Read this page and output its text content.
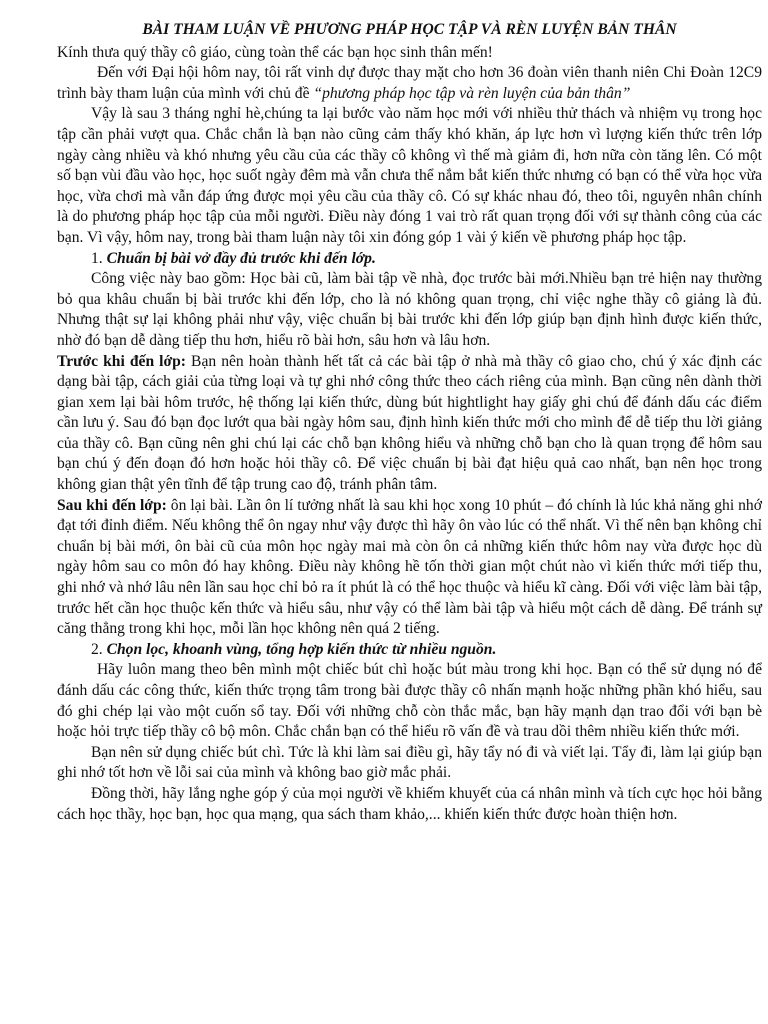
BÀI THAM LUẬN VỀ PHƯƠNG PHÁP HỌC TẬP VÀ RÈN LUYỆN BẢN THÂN

Kính thưa quý thầy cô giáo, cùng toàn thể các bạn học sinh thân mến!

Đến với Đại hội hôm nay, tôi rất vinh dự được thay mặt cho hơn 36 đoàn viên thanh niên Chi Đoàn 12C9 trình bày tham luận của mình với chủ đề “phương pháp học tập và rèn luyện của bản thân”

Vậy là sau 3 tháng nghỉ hè,chúng ta lại bước vào năm học mới với nhiều thử thách và nhiệm vụ trong học tập cần phải vượt qua. Chắc chắn là bạn nào cũng cảm thấy khó khăn, áp lực hơn vì lượng kiến thức trên lớp ngày càng nhiều và khó nhưng yêu cầu của các thầy cô không vì thế mà giảm đi, hơn nữa còn tăng lên. Có một số bạn vùi đầu vào học, học suốt ngày đêm mà vẫn chưa thể nắm bắt kiến thức nhưng có bạn có thể vừa học vừa học, vừa chơi mà vẫn đáp ứng được mọi yêu cầu của thầy cô. Có sự khác nhau đó, theo tôi, nguyên nhân chính là do phương pháp học tập của mỗi người. Điều này đóng 1 vai trò rất quan trọng đối với sự thành công của các bạn. Vì vậy, hôm nay, trong bài tham luận này tôi xin đóng góp 1 vài ý kiến về phương pháp học tập.

1. Chuẩn bị bài vở đầy đủ trước khi đến lớp.

Công việc này bao gồm: Học bài cũ, làm bài tập về nhà, đọc trước bài mới.Nhiều bạn trẻ hiện nay thường bỏ qua khâu chuẩn bị bài trước khi đến lớp, cho là nó không quan trọng, chỉ việc nghe thầy cô giảng là đủ. Nhưng thật sự lại không phải như vậy, việc chuẩn bị bài trước khi đến lớp giúp bạn định hình được kiến thức, nhờ đó bạn dễ dàng tiếp thu hơn, hiểu rõ bài hơn, sâu hơn và lâu hơn.

Trước khi đến lớp: Bạn nên hoàn thành hết tất cả các bài tập ở nhà mà thầy cô giao cho, chú ý xác định các dạng bài tập, cách giải của từng loại và tự ghi nhớ công thức theo cách riêng của mình. Bạn cũng nên dành thời gian xem lại bài hôm trước, hệ thống lại kiến thức, dùng bút hightlight hay giấy ghi chú để đánh dấu các điểm cần lưu ý. Sau đó bạn đọc lướt qua bài ngày hôm sau, định hình kiến thức mới cho mình để dễ tiếp thu lời giảng của thầy cô. Bạn cũng nên ghi chú lại các chỗ bạn không hiểu và những chỗ bạn cho là quan trọng để hôm sau bạn chú ý đến đoạn đó hơn hoặc hỏi thầy cô. Để việc chuẩn bị bài đạt hiệu quả cao nhất, bạn nên học trong không gian thật yên tĩnh để tập trung cao độ, tránh phân tâm.

Sau khi đến lớp: ôn lại bài. Lần ôn lí tưởng nhất là sau khi học xong 10 phút – đó chính là lúc khả năng ghi nhớ đạt tới đỉnh điểm. Nếu không thể ôn ngay như vậy được thì hãy ôn vào lúc có thể nhất. Vì thế nên bạn không chỉ chuẩn bị bài mới, ôn bài cũ của môn học ngày mai mà còn ôn cả những kiến thức hôm nay vừa được học dù ngày hôm sau co môn đó hay không. Điều này không hề tốn thời gian một chút nào vì kiến thức mới tiếp thu, ghi nhớ và nhớ lâu nên lần sau học chỉ bỏ ra ít phút là có thể học thuộc và hiểu kĩ càng. Đối với việc làm bài tập, trước hết cần học thuộc kến thức và hiểu sâu, như vậy có thể làm bài tập và hiểu một cách dễ dàng. Để tránh sự căng thẳng trong khi học, mỗi lần học không nên quá 2 tiếng.

2. Chọn lọc, khoanh vùng, tổng hợp kiến thức từ nhiều nguồn.

Hãy luôn mang theo bên mình một chiếc bút chì hoặc bút màu trong khi học. Bạn có thể sử dụng nó để đánh dấu các công thức, kiến thức trọng tâm trong bài được thầy cô nhấn mạnh hoặc những phần khó hiểu, sau đó ghi chép lại vào một cuốn sổ tay. Đối với những chỗ còn thắc mắc, bạn hãy mạnh dạn trao đổi với bạn bè hoặc hỏi trực tiếp thầy cô bộ môn. Chắc chắn bạn có thể hiểu rõ vấn đề và trau dồi thêm nhiều kiến thức mới.

Bạn nên sử dụng chiếc bút chì. Tức là khi làm sai điều gì, hãy tẩy nó đi và viết lại. Tẩy đi, làm lại giúp bạn ghi nhớ tốt hơn về lỗi sai của mình và không bao giờ mắc phải.

Đồng thời, hãy lắng nghe góp ý của mọi người về khiếm khuyết của cá nhân mình và tích cực học hỏi bằng cách học thầy, học bạn, học qua mạng, qua sách tham khảo,... khiến kiến thức được hoàn thiện hơn.
